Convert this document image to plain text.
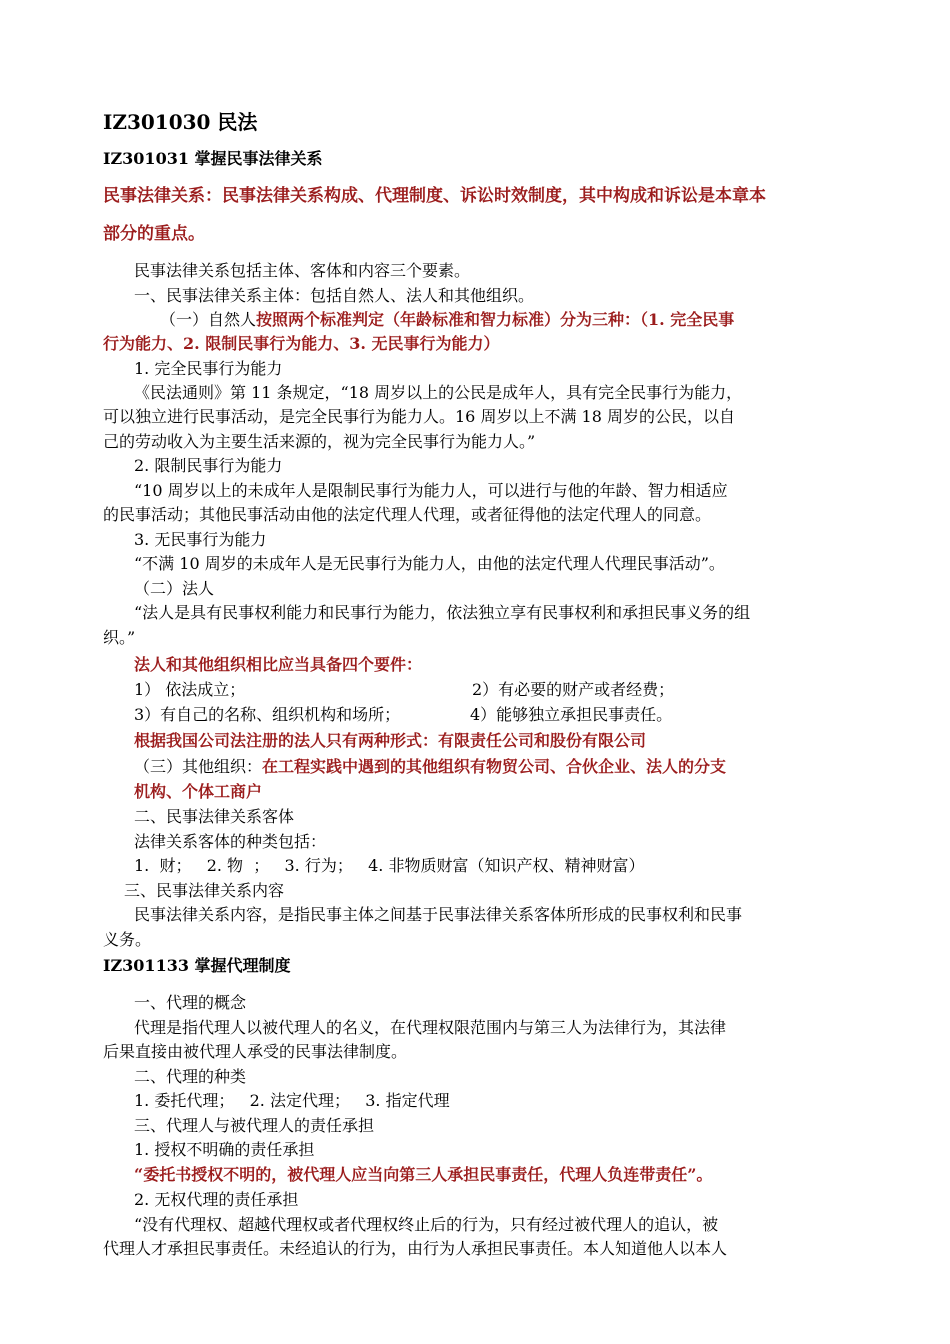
IZ301030 民法
IZ301031 掌握民事法律关系
民事法律关系：民事法律关系构成、代理制度、诉讼时效制度，其中构成和诉讼是本章本
部分的重点。
民事法律关系包括主体、客体和内容三个要素。
一、民事法律关系主体：包括自然人、法人和其他组织。
（一）自然人按照两个标准判定（年龄标准和智力标准）分为三种：（1. 完全民事
行为能力、2. 限制民事行为能力、3. 无民事行为能力）
1. 完全民事行为能力
《民法通则》第 11 条规定，“18 周岁以上的公民是成年人，具有完全民事行为能力，
可以独立进行民事活动，是完全民事行为能力人。16 周岁以上不满 18 周岁的公民，以自
己的劳动收入为主要生活来源的，视为完全民事行为能力人。”
2. 限制民事行为能力
“10 周岁以上的未成年人是限制民事行为能力人，可以进行与他的年龄、智力相适应
的民事活动；其他民事活动由他的法定代理人代理，或者征得他的法定代理人的同意。
3. 无民事行为能力
“不满 10 周岁的未成年人是无民事行为能力人，由他的法定代理人代理民事活动”。
（二）法人
“法人是具有民事权利能力和民事行为能力，依法独立享有民事权利和承担民事义务的组
织。”
法人和其他组织相比应当具备四个要件：
1） 依法成立；	2）有必要的财产或者经费；
3）有自己的名称、组织机构和场所；	4）能够独立承担民事责任。
根据我国公司法注册的法人只有两种形式：有限责任公司和股份有限公司
（三）其他组织：在工程实践中遇到的其他组织有物贸公司、合伙企业、法人的分支
机构、个体工商户
二、民事法律关系客体
法律关系客体的种类包括：
1.  财；   2. 物  ；   3. 行为；   4. 非物质财富（知识产权、精神财富）
三、民事法律关系内容
民事法律关系内容，是指民事主体之间基于民事法律关系客体所形成的民事权利和民事
义务。
IZ301133 掌握代理制度
一、代理的概念
代理是指代理人以被代理人的名义，在代理权限范围内与第三人为法律行为，其法律
后果直接由被代理人承受的民事法律制度。
二、代理的种类
1. 委托代理；   2. 法定代理；   3. 指定代理
三、代理人与被代理人的责任承担
1. 授权不明确的责任承担
“委托书授权不明的，被代理人应当向第三人承担民事责任，代理人负连带责任”。
2. 无权代理的责任承担
“没有代理权、超越代理权或者代理权终止后的行为，只有经过被代理人的追认，被
代理人才承担民事责任。未经追认的行为，由行为人承担民事责任。本人知道他人以本人
